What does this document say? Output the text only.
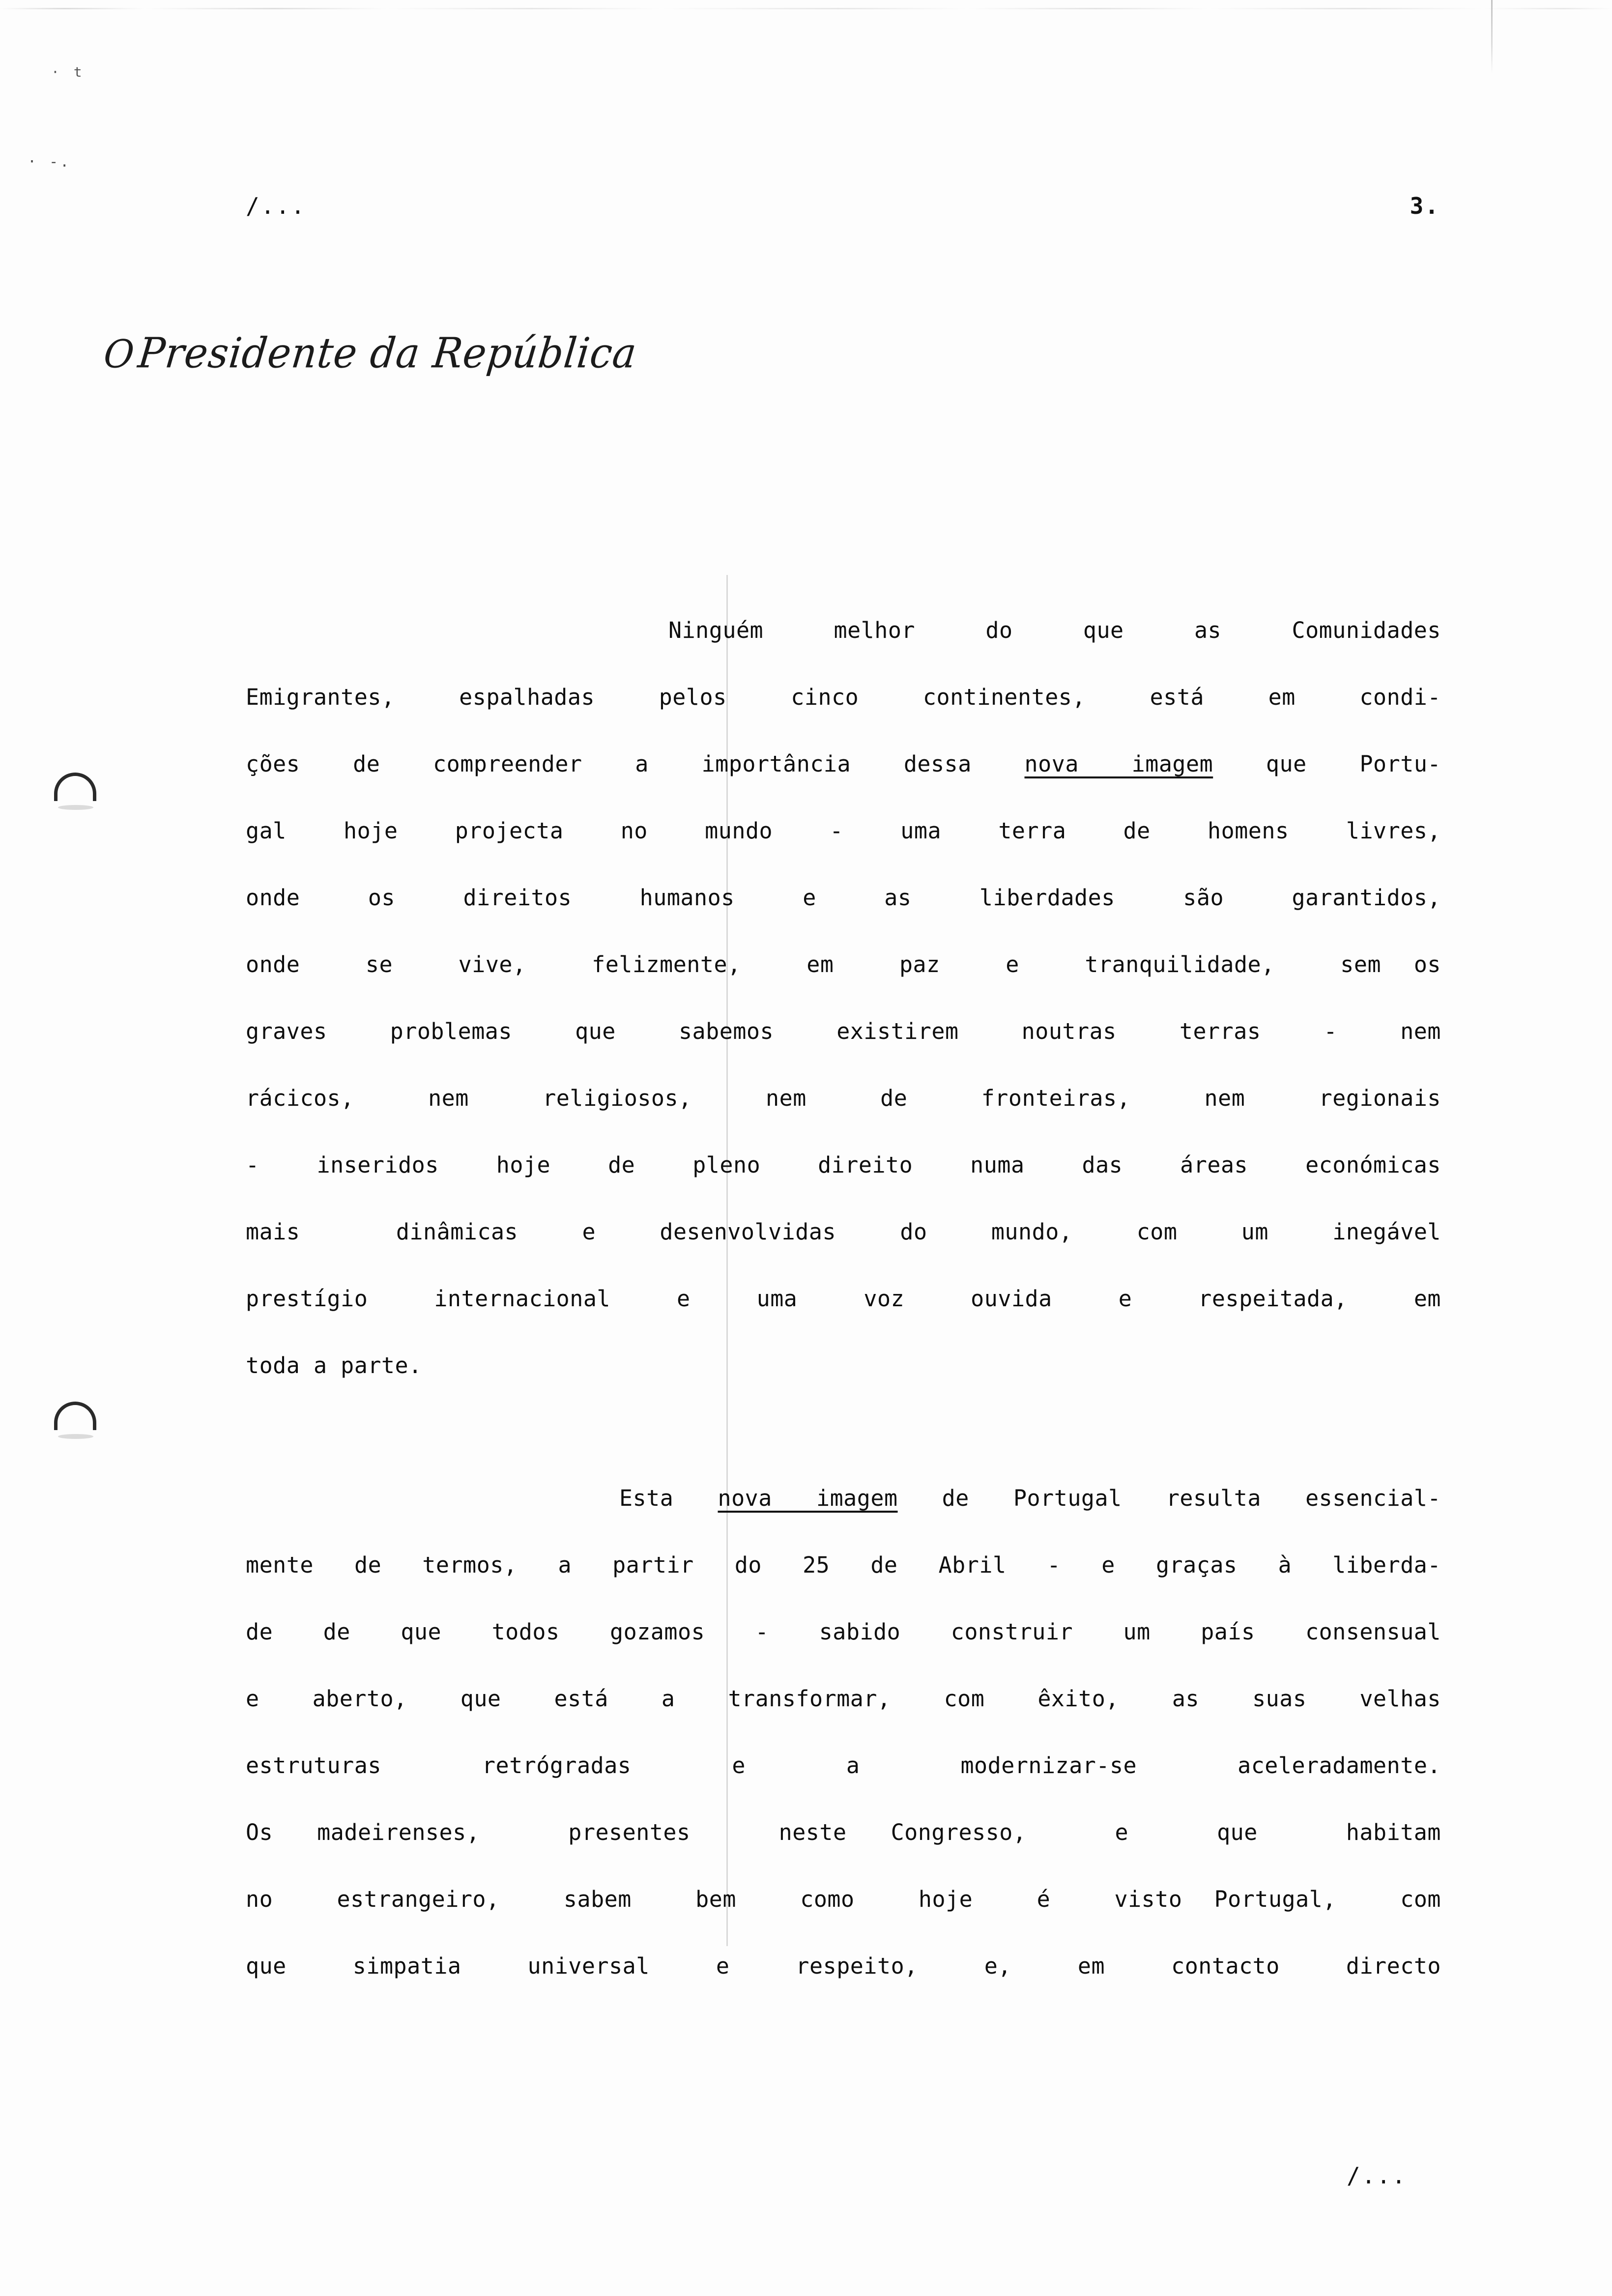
· t
· -.
/...	3.
OPresidente da República
Ninguém  melhor  do  que  as  Comunidades
Emigrantes, espalhadas pelos cinco continentes, está em condi-
ções de compreender a importância dessa nova imagem que Portu-
gal  hoje  projecta  no  mundo  -  uma  terra  de  homens  livres,
onde  os  direitos  humanos  e  as  liberdades  são  garantidos,
onde  se  vive,  felizmente,  em  paz  e  tranquilidade,  sem os
graves  problemas  que  sabemos  existirem  noutras  terras  -  nem
rácicos,  nem  religiosos,  nem  de  fronteiras,  nem  regionais
-  inseridos  hoje  de  pleno  direito  numa  das  áreas  económicas
mais   dinâmicas  e  desenvolvidas  do  mundo,  com  um  inegável
prestígio  internacional  e  uma  voz  ouvida  e  respeitada,  em
toda a parte.
Esta nova imagem de Portugal resulta essencial-
mente de termos, a partir do 25 de Abril - e graças à liberda-
de de que todos gozamos - sabido construir um país consensual
e  aberto,  que  está  a  transformar,  com  êxito,  as  suas  velhas
estruturas   retrógradas   e   a   modernizar-se   aceleradamente.
Os madeirenses,  presentes  neste Congresso,  e  que  habitam
no  estrangeiro,  sabem  bem  como  hoje  é  visto Portugal,  com
que  simpatia  universal  e  respeito,  e,  em  contacto  directo
/...
